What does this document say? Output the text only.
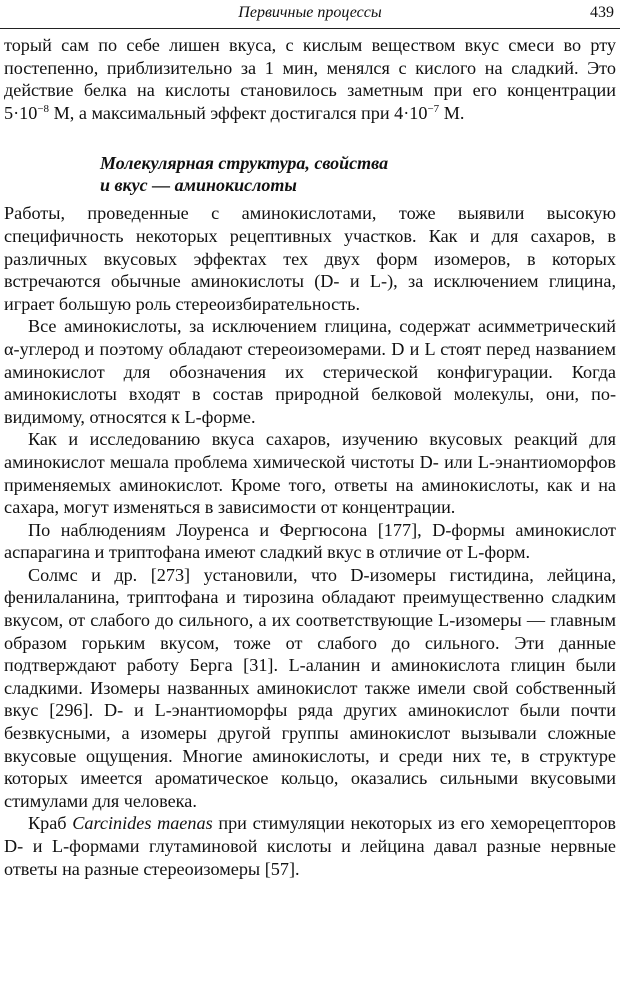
Первичные процессы	439

торый сам по себе лишен вкуса, с кислым веществом вкус смеси во рту постепенно, приблизительно за 1 мин, менялся с кислого на сладкий. Это действие белка на кислоты становилось заметным при его концентрации $5\cdot 10^{-8}$ М, а максимальный эффект достигался при $4\cdot 10^{-7}$ М.

Молекулярная структура, свойства
и вкус — аминокислоты

Работы, проведенные с аминокислотами, тоже выявили высокую специфичность некоторых рецептивных участков. Как и для сахаров, в различных вкусовых эффектах тех двух форм изомеров, в которых встречаются обычные аминокислоты (D- и L-), за исключением глицина, играет большую роль стереоизбирательность.

Все аминокислоты, за исключением глицина, содержат асимметрический α-углерод и поэтому обладают стереоизомерами. D и L стоят перед названием аминокислот для обозначения их стерической конфигурации. Когда аминокислоты входят в состав природной белковой молекулы, они, по-видимому, относятся к L-форме.

Как и исследованию вкуса сахаров, изучению вкусовых реакций для аминокислот мешала проблема химической чистоты D- или L-энантиоморфов применяемых аминокислот. Кроме того, ответы на аминокислоты, как и на сахара, могут изменяться в зависимости от концентрации.

По наблюдениям Лоуренса и Фергюсона [177], D-формы аминокислот аспарагина и триптофана имеют сладкий вкус в отличие от L-форм.

Солмс и др. [273] установили, что D-изомеры гистидина, лейцина, фенилаланина, триптофана и тирозина обладают преимущественно сладким вкусом, от слабого до сильного, а их соответствующие L-изомеры — главным образом горьким вкусом, тоже от слабого до сильного. Эти данные подтверждают работу Берга [31]. L-аланин и аминокислота глицин были сладкими. Изомеры названных аминокислот также имели свой собственный вкус [296]. D- и L-энантиоморфы ряда других аминокислот были почти безвкусными, а изомеры другой группы аминокислот вызывали сложные вкусовые ощущения. Многие аминокислоты, и среди них те, в структуре которых имеется ароматическое кольцо, оказались сильными вкусовыми стимулами для человека.

Краб Carcinides maenas при стимуляции некоторых из его хеморецепторов D- и L-формами глутаминовой кислоты и лейцина давал разные нервные ответы на разные стереоизомеры [57].
